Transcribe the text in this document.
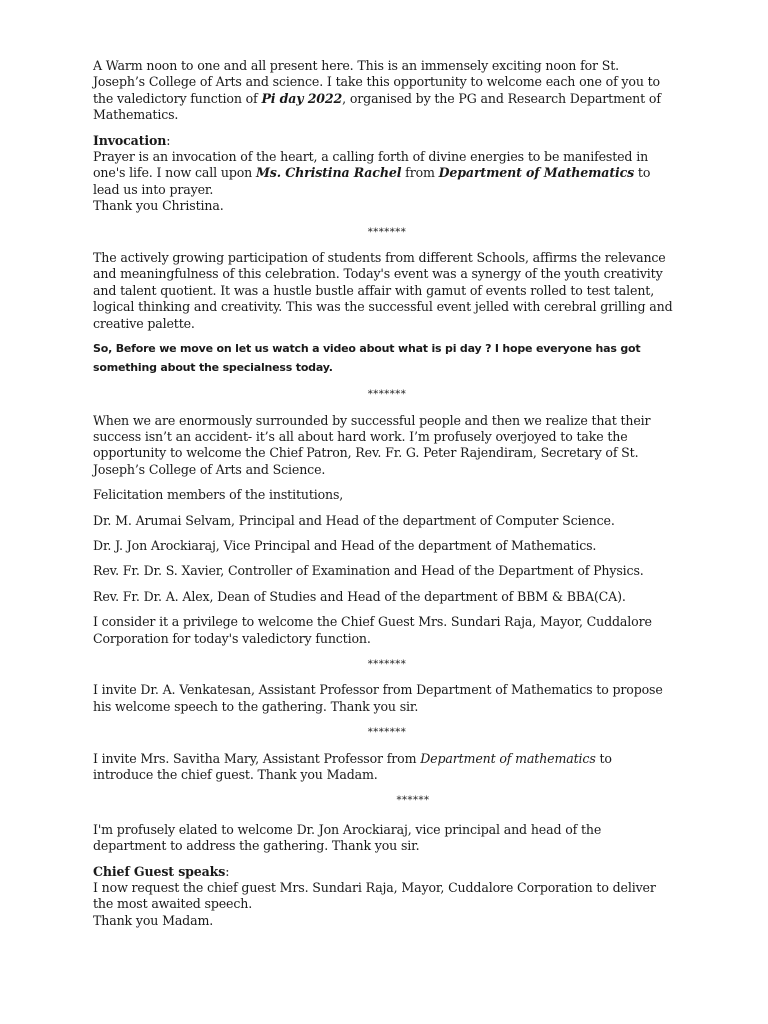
A Warm noon to one and all present here. This is an immensely exciting noon for St. Joseph’s College of Arts and science. I take this opportunity to welcome each one of you to the valedictory function of Pi day 2022, organised by the PG and Research Department of Mathematics.

Invocation:

Prayer is an invocation of the heart, a calling forth of divine energies to be manifested in one's life. I now call upon Ms. Christina Rachel from Department of Mathematics to lead us into prayer.

Thank you Christina.

*******

The actively growing participation of students from different Schools, affirms the relevance and meaningfulness of this celebration. Today's event was a synergy of the youth creativity and talent quotient. It was a hustle bustle affair with gamut of events rolled to test talent, logical thinking and creativity. This was the successful event jelled with cerebral grilling and creative palette.

So, Before we move on let us watch a video about what is pi day ? I hope everyone has got something about the specialness today.

*******

When we are enormously surrounded by successful people and then we realize that their success isn’t an accident- it’s all about hard work. I’m profusely overjoyed to take the opportunity to welcome the Chief Patron, Rev. Fr. G. Peter Rajendiram, Secretary of St. Joseph’s College of Arts and Science.

Felicitation members of the institutions,

Dr. M. Arumai Selvam, Principal and Head of the department of Computer Science.

Dr. J. Jon Arockiaraj, Vice Principal and Head of the department of Mathematics.

Rev. Fr. Dr. S. Xavier, Controller of Examination and Head of the Department of Physics.

Rev. Fr. Dr. A. Alex, Dean of Studies and Head of the department of BBM & BBA(CA).

I consider it a privilege to welcome the Chief Guest Mrs. Sundari Raja, Mayor, Cuddalore Corporation for today's valedictory function.

*******

I invite Dr. A. Venkatesan, Assistant Professor from Department of Mathematics to propose his welcome speech to the gathering. Thank you sir.

*******

I invite Mrs. Savitha Mary, Assistant Professor from Department of mathematics to introduce the chief guest. Thank you Madam.

******

I'm profusely elated to welcome Dr. Jon Arockiaraj, vice principal and head of the department to address the gathering. Thank you sir.

Chief Guest speaks:

I now request the chief guest Mrs. Sundari Raja, Mayor, Cuddalore Corporation to deliver the most awaited speech.

Thank you Madam.
